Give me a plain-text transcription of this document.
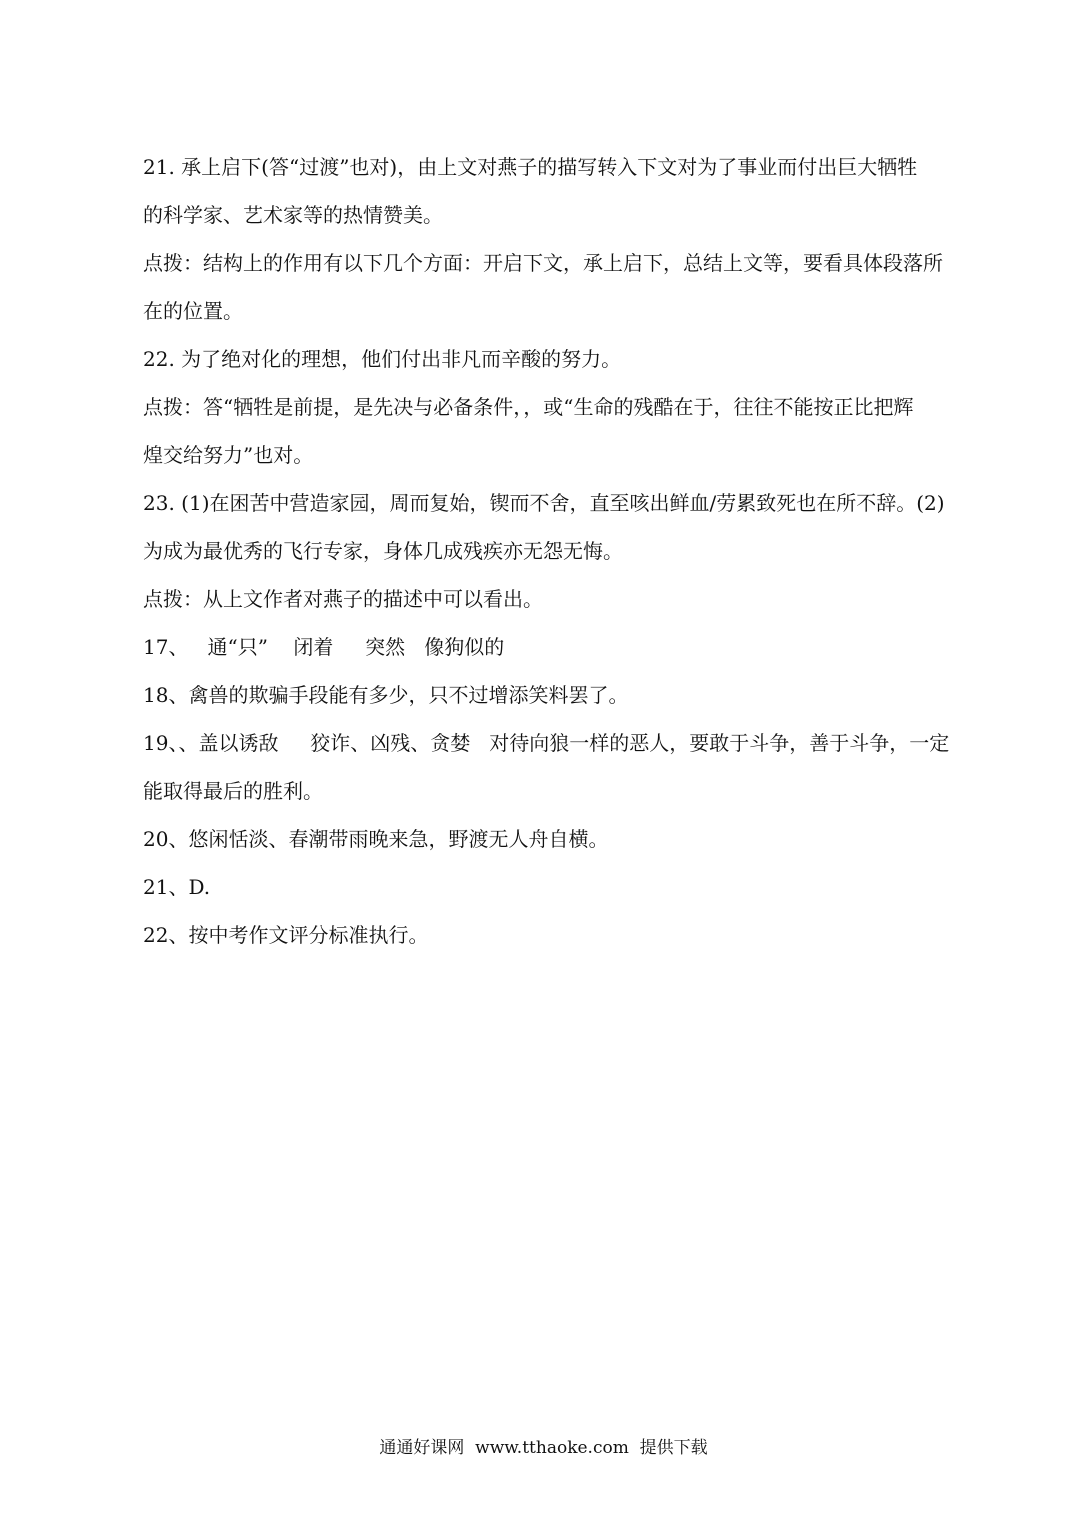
21. 承上启下(答“过渡”也对)，由上文对燕子的描写转入下文对为了事业而付出巨大牺牲
的科学家、艺术家等的热情赞美。
点拨：结构上的作用有以下几个方面：开启下文，承上启下，总结上文等，要看具体段落所
在的位置。
22. 为了绝对化的理想，他们付出非凡而辛酸的努力。
点拨：答“牺牲是前提，是先决与必备条件，，或“生命的残酷在于，往往不能按正比把辉
煌交给努力”也对。
23. (1)在困苦中营造家园，周而复始，锲而不舍，直至咳出鲜血/劳累致死也在所不辞。(2)
为成为最优秀的飞行专家，身体几成残疾亦无怨无悔。
点拨：从上文作者对燕子的描述中可以看出。
17、   通“只”    闭着     突然   像狗似的
18、禽兽的欺骗手段能有多少，只不过增添笑料罢了。
19、、盖以诱敌     狡诈、凶残、贪婪   对待向狼一样的恶人，要敢于斗争，善于斗争，一定
能取得最后的胜利。
20、悠闲恬淡、春潮带雨晚来急，野渡无人舟自横。
21、D.
22、按中考作文评分标准执行。
通通好课网  www.tthaoke.com  提供下载
